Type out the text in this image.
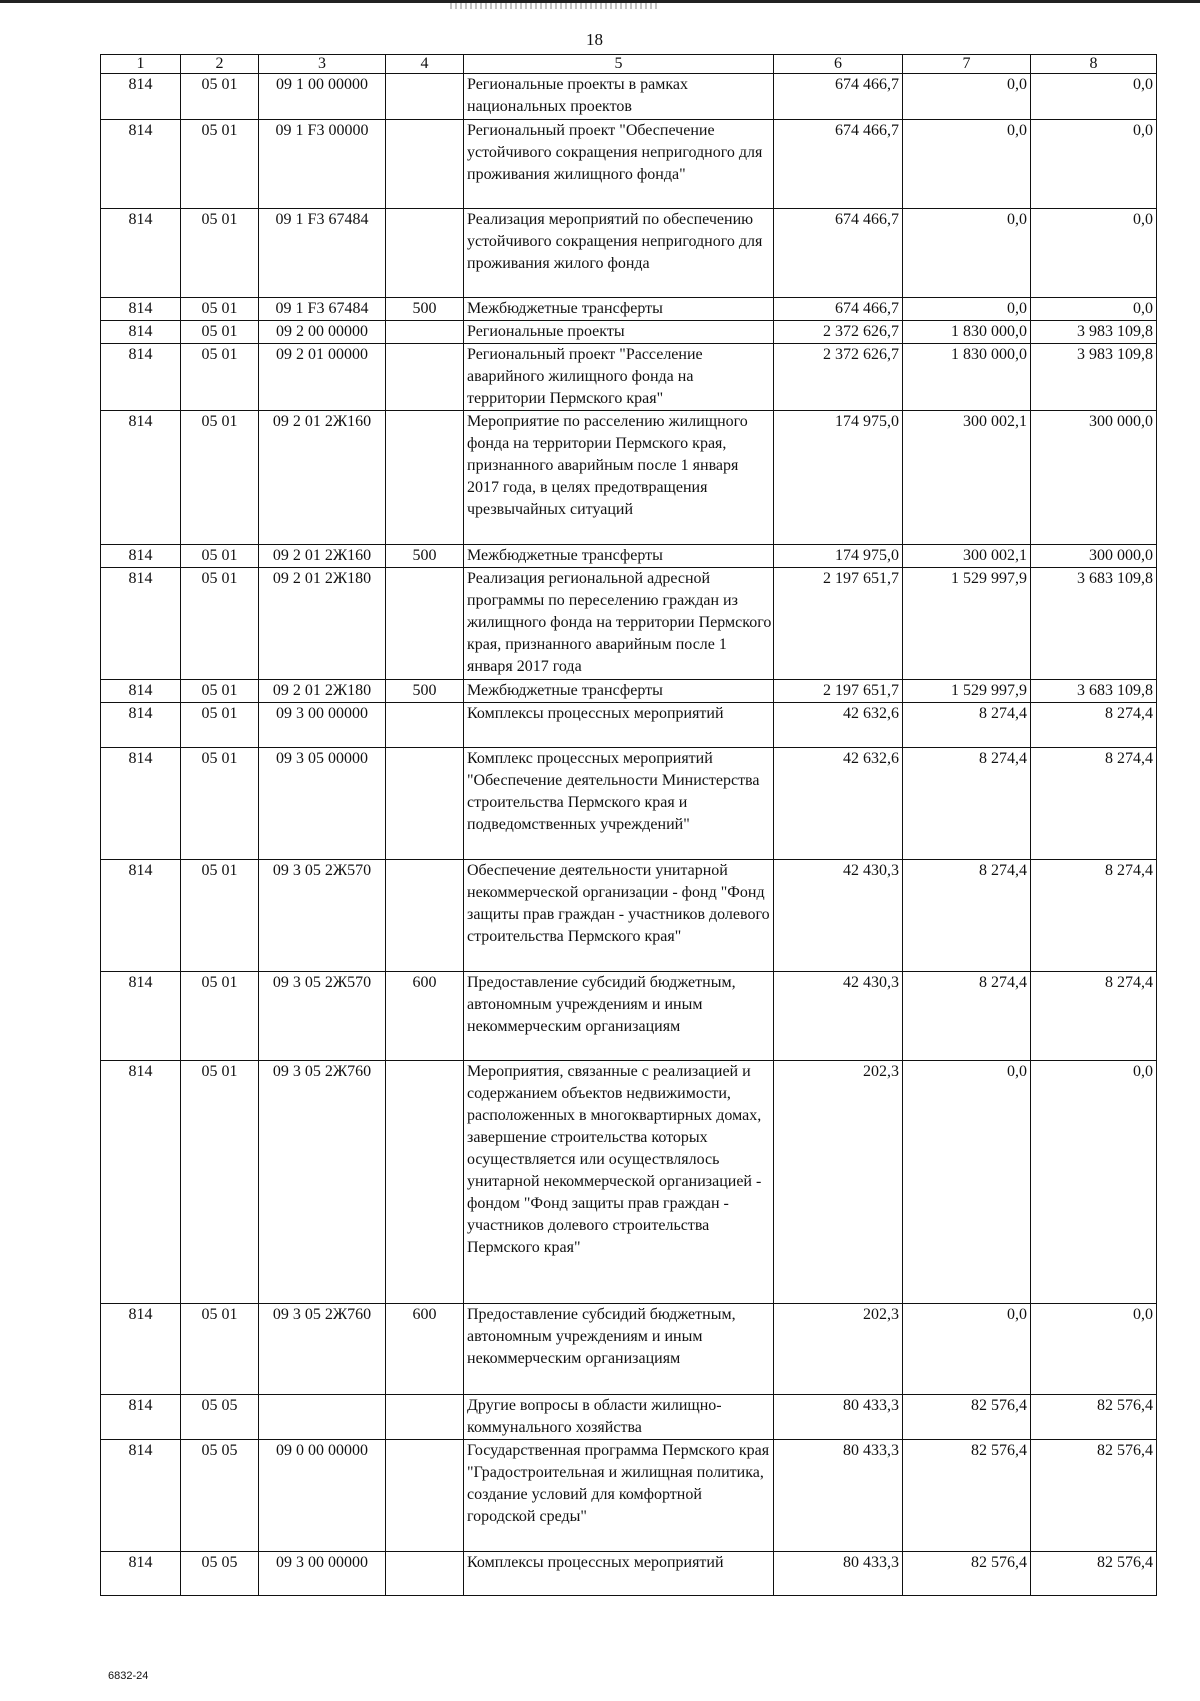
18
1	2	3	4	5	6	7	8
814	05 01	09 1 00 00000		Региональные проекты в рамках национальных проектов	674 466,7	0,0	0,0
814	05 01	09 1 F3 00000		Региональный проект "Обеспечение устойчивого сокращения непригодного для проживания жилищного фонда"	674 466,7	0,0	0,0
814	05 01	09 1 F3 67484		Реализация мероприятий по обеспечению устойчивого сокращения непригодного для проживания жилого фонда	674 466,7	0,0	0,0
814	05 01	09 1 F3 67484	500	Межбюджетные трансферты	674 466,7	0,0	0,0
814	05 01	09 2 00 00000		Региональные проекты	2 372 626,7	1 830 000,0	3 983 109,8
814	05 01	09 2 01 00000		Региональный проект "Расселение аварийного жилищного фонда на территории Пермского края"	2 372 626,7	1 830 000,0	3 983 109,8
814	05 01	09 2 01 2Ж160		Мероприятие по расселению жилищного фонда на территории Пермского края, признанного аварийным после 1 января 2017 года, в целях предотвращения чрезвычайных ситуаций	174 975,0	300 002,1	300 000,0
814	05 01	09 2 01 2Ж160	500	Межбюджетные трансферты	174 975,0	300 002,1	300 000,0
814	05 01	09 2 01 2Ж180		Реализация региональной адресной программы по переселению граждан из жилищного фонда на территории Пермского края, признанного аварийным после 1 января 2017 года	2 197 651,7	1 529 997,9	3 683 109,8
814	05 01	09 2 01 2Ж180	500	Межбюджетные трансферты	2 197 651,7	1 529 997,9	3 683 109,8
814	05 01	09 3 00 00000		Комплексы процессных мероприятий	42 632,6	8 274,4	8 274,4
814	05 01	09 3 05 00000		Комплекс процессных мероприятий "Обеспечение деятельности Министерства строительства Пермского края и подведомственных учреждений"	42 632,6	8 274,4	8 274,4
814	05 01	09 3 05 2Ж570		Обеспечение деятельности унитарной некоммерческой организации - фонд "Фонд защиты прав граждан - участников долевого строительства Пермского края"	42 430,3	8 274,4	8 274,4
814	05 01	09 3 05 2Ж570	600	Предоставление субсидий бюджетным, автономным учреждениям и иным некоммерческим организациям	42 430,3	8 274,4	8 274,4
814	05 01	09 3 05 2Ж760		Мероприятия, связанные с реализацией и содержанием объектов недвижимости, расположенных в многоквартирных домах, завершение строительства которых осуществляется или осуществлялось унитарной некоммерческой организацией - фондом "Фонд защиты прав граждан - участников долевого строительства Пермского края"	202,3	0,0	0,0
814	05 01	09 3 05 2Ж760	600	Предоставление субсидий бюджетным, автономным учреждениям и иным некоммерческим организациям	202,3	0,0	0,0
814	05 05			Другие вопросы в области жилищно-коммунального хозяйства	80 433,3	82 576,4	82 576,4
814	05 05	09 0 00 00000		Государственная программа Пермского края "Градостроительная и жилищная политика, создание условий для комфортной городской среды"	80 433,3	82 576,4	82 576,4
814	05 05	09 3 00 00000		Комплексы процессных мероприятий	80 433,3	82 576,4	82 576,4
6832-24
